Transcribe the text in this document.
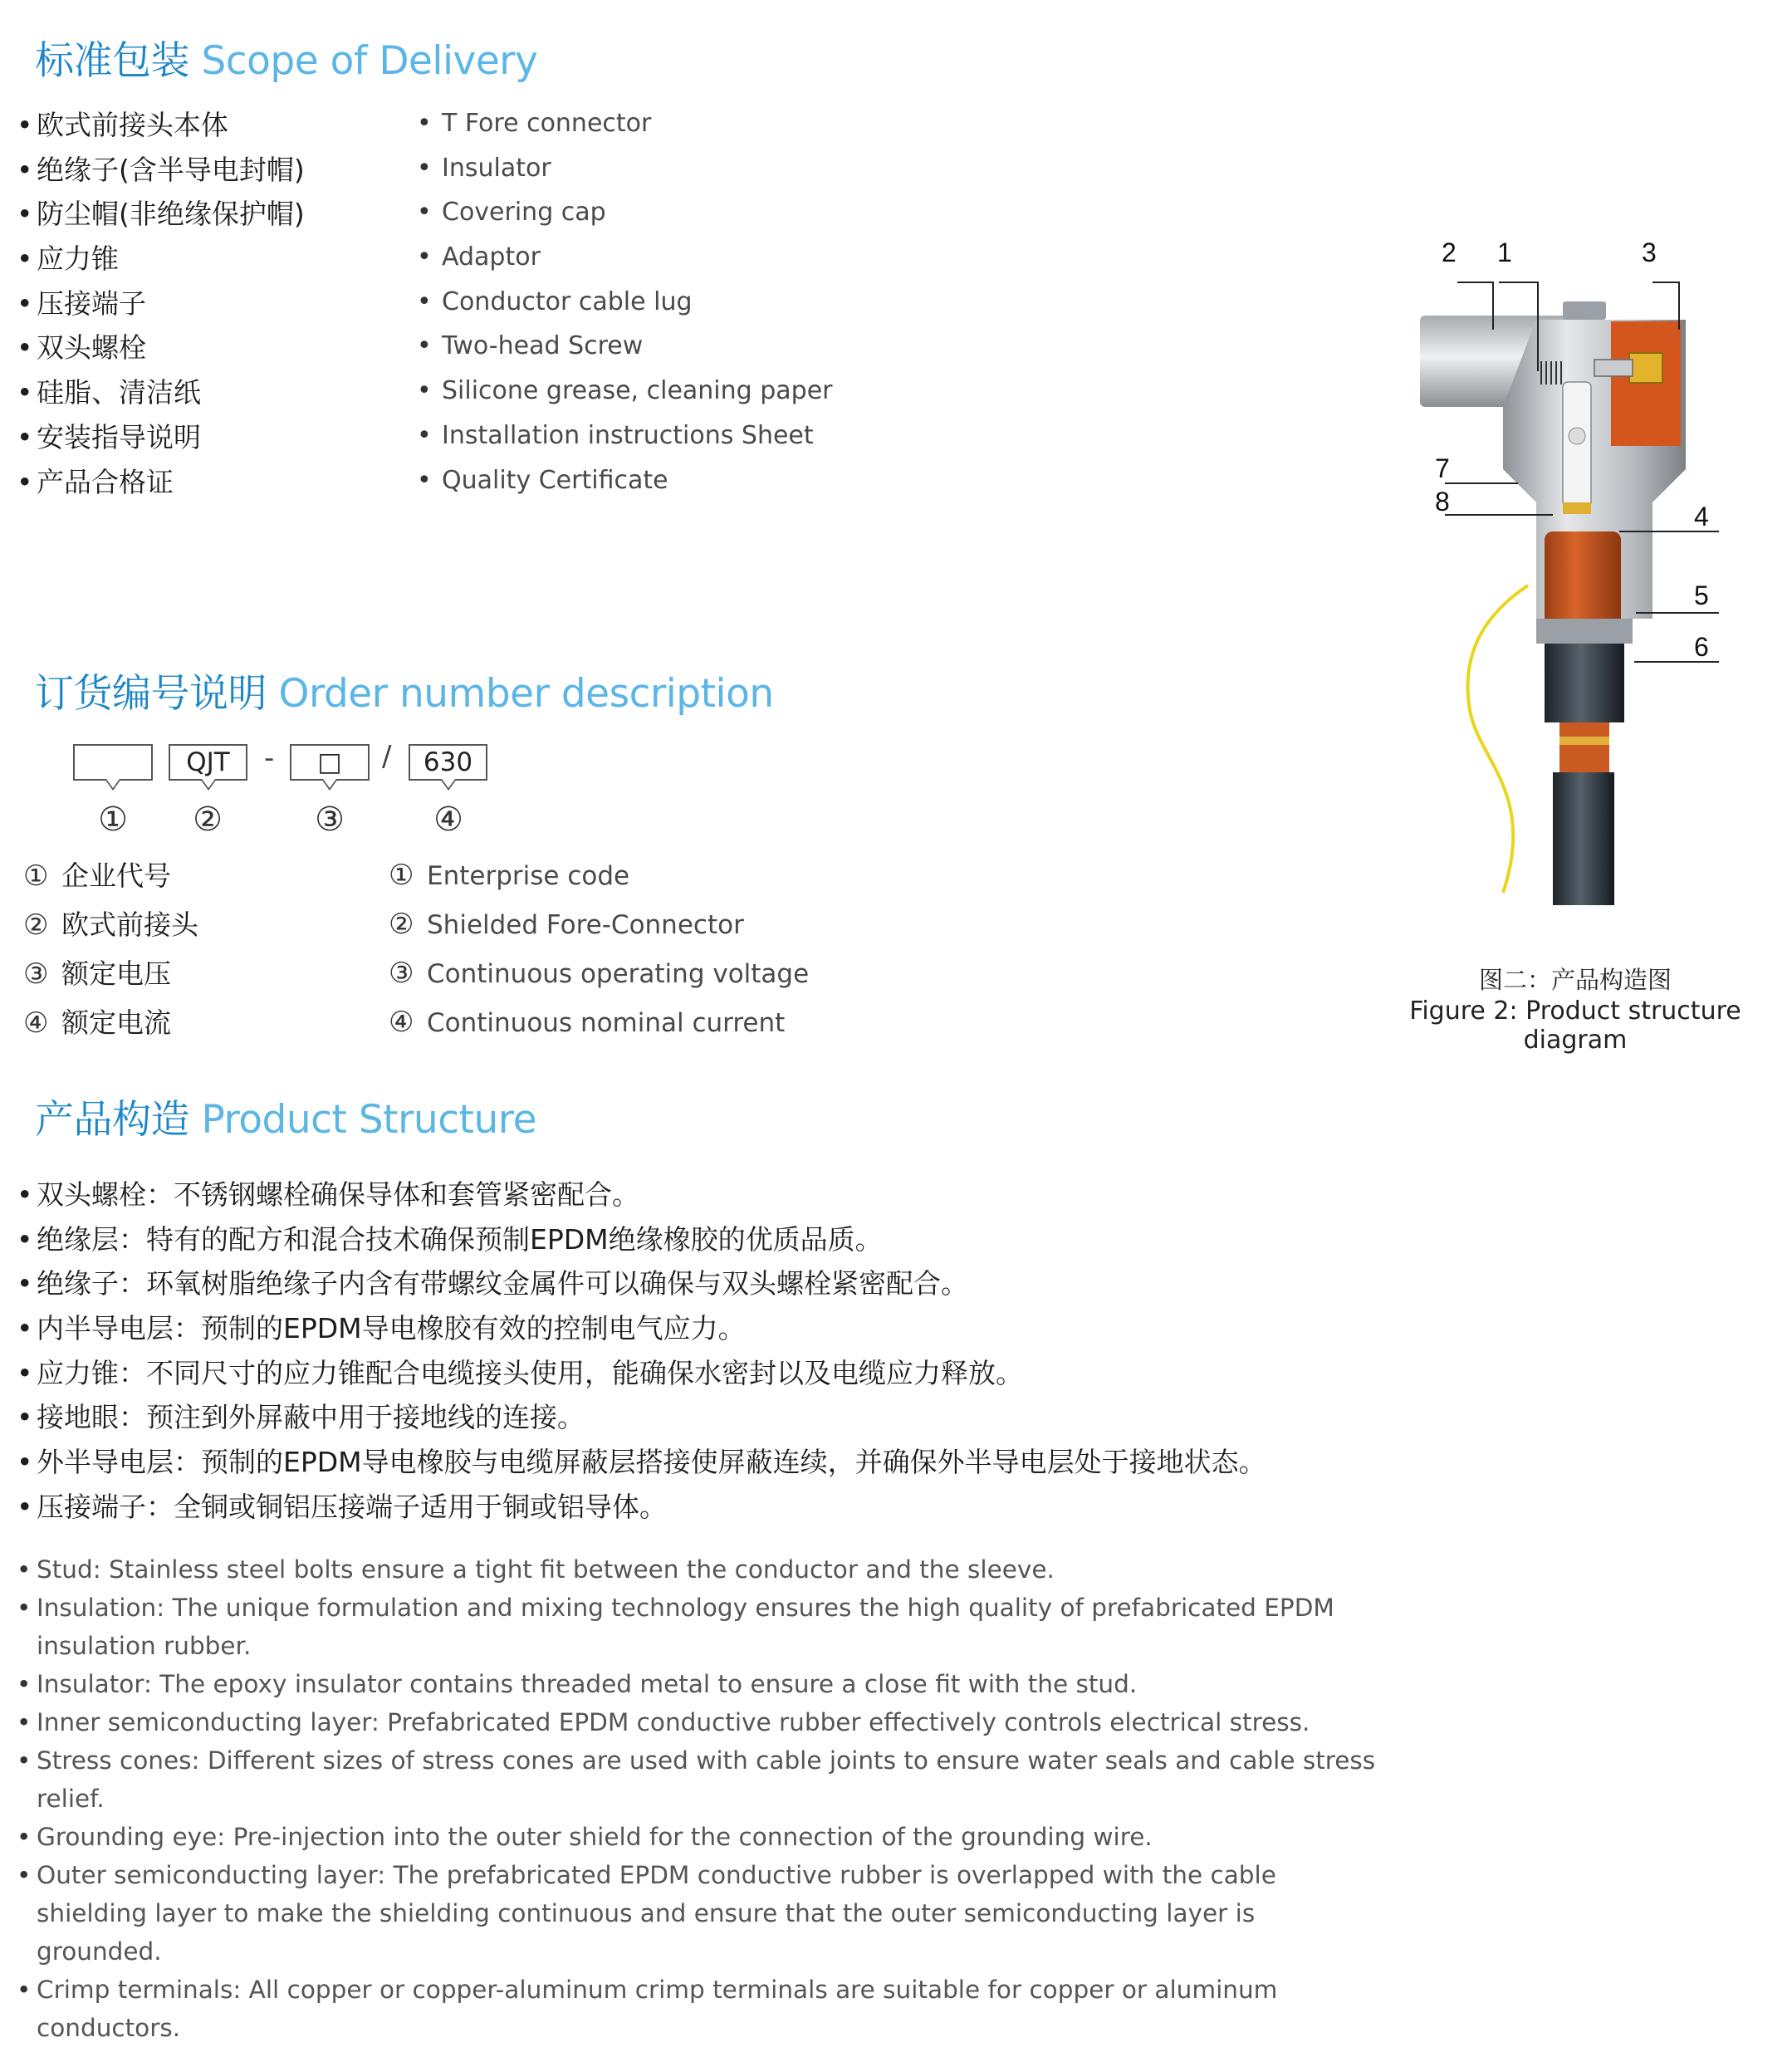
标准包装 Scope of Delivery
• 欧式前接头本体
• 绝缘子(含半导电封帽)
• 防尘帽(非绝缘保护帽)
• 应力锥
• 压接端子
• 双头螺栓
• 硅脂、清洁纸
• 安装指导说明
• 产品合格证
• T Fore connector
• Insulator
• Covering cap
• Adaptor
• Conductor cable lug
• Two-head Screw
• Silicone grease, cleaning paper
• Installation instructions Sheet
• Quality Certificate
订货编号说明 Order number description
QJT	-	□	/	630
① ②	③	④
① 企业代号
② 欧式前接头
③ 额定电压
④ 额定电流
① Enterprise code
② Shielded Fore-Connector
③ Continuous operating voltage
④ Continuous nominal current
产品构造 Product Structure
• 双头螺栓：不锈钢螺栓确保导体和套管紧密配合。
• 绝缘层：特有的配方和混合技术确保预制EPDM绝缘橡胶的优质品质。
• 绝缘子：环氧树脂绝缘子内含有带螺纹金属件可以确保与双头螺栓紧密配合。
• 内半导电层：预制的EPDM导电橡胶有效的控制电气应力。
• 应力锥：不同尺寸的应力锥配合电缆接头使用，能确保水密封以及电缆应力释放。
• 接地眼：预注到外屏蔽中用于接地线的连接。
• 外半导电层：预制的EPDM导电橡胶与电缆屏蔽层搭接使屏蔽连续，并确保外半导电层处于接地状态。
• 压接端子：全铜或铜铝压接端子适用于铜或铝导体。
• Stud: Stainless steel bolts ensure a tight fit between the conductor and the sleeve.
• Insulation: The unique formulation and mixing technology ensures the high quality of prefabricated EPDM insulation rubber.
• Insulator: The epoxy insulator contains threaded metal to ensure a close fit with the stud.
• Inner semiconducting layer: Prefabricated EPDM conductive rubber effectively controls electrical stress.
• Stress cones: Different sizes of stress cones are used with cable joints to ensure water seals and cable stress relief.
• Grounding eye: Pre-injection into the outer shield for the connection of the grounding wire.
• Outer semiconducting layer: The prefabricated EPDM conductive rubber is overlapped with the cable shielding layer to make the shielding continuous and ensure that the outer semiconducting layer is grounded.
• Crimp terminals: All copper or copper-aluminum crimp terminals are suitable for copper or aluminum conductors.
2 1	3
7
8	4
5
6
图二：产品构造图
Figure 2: Product structure diagram
